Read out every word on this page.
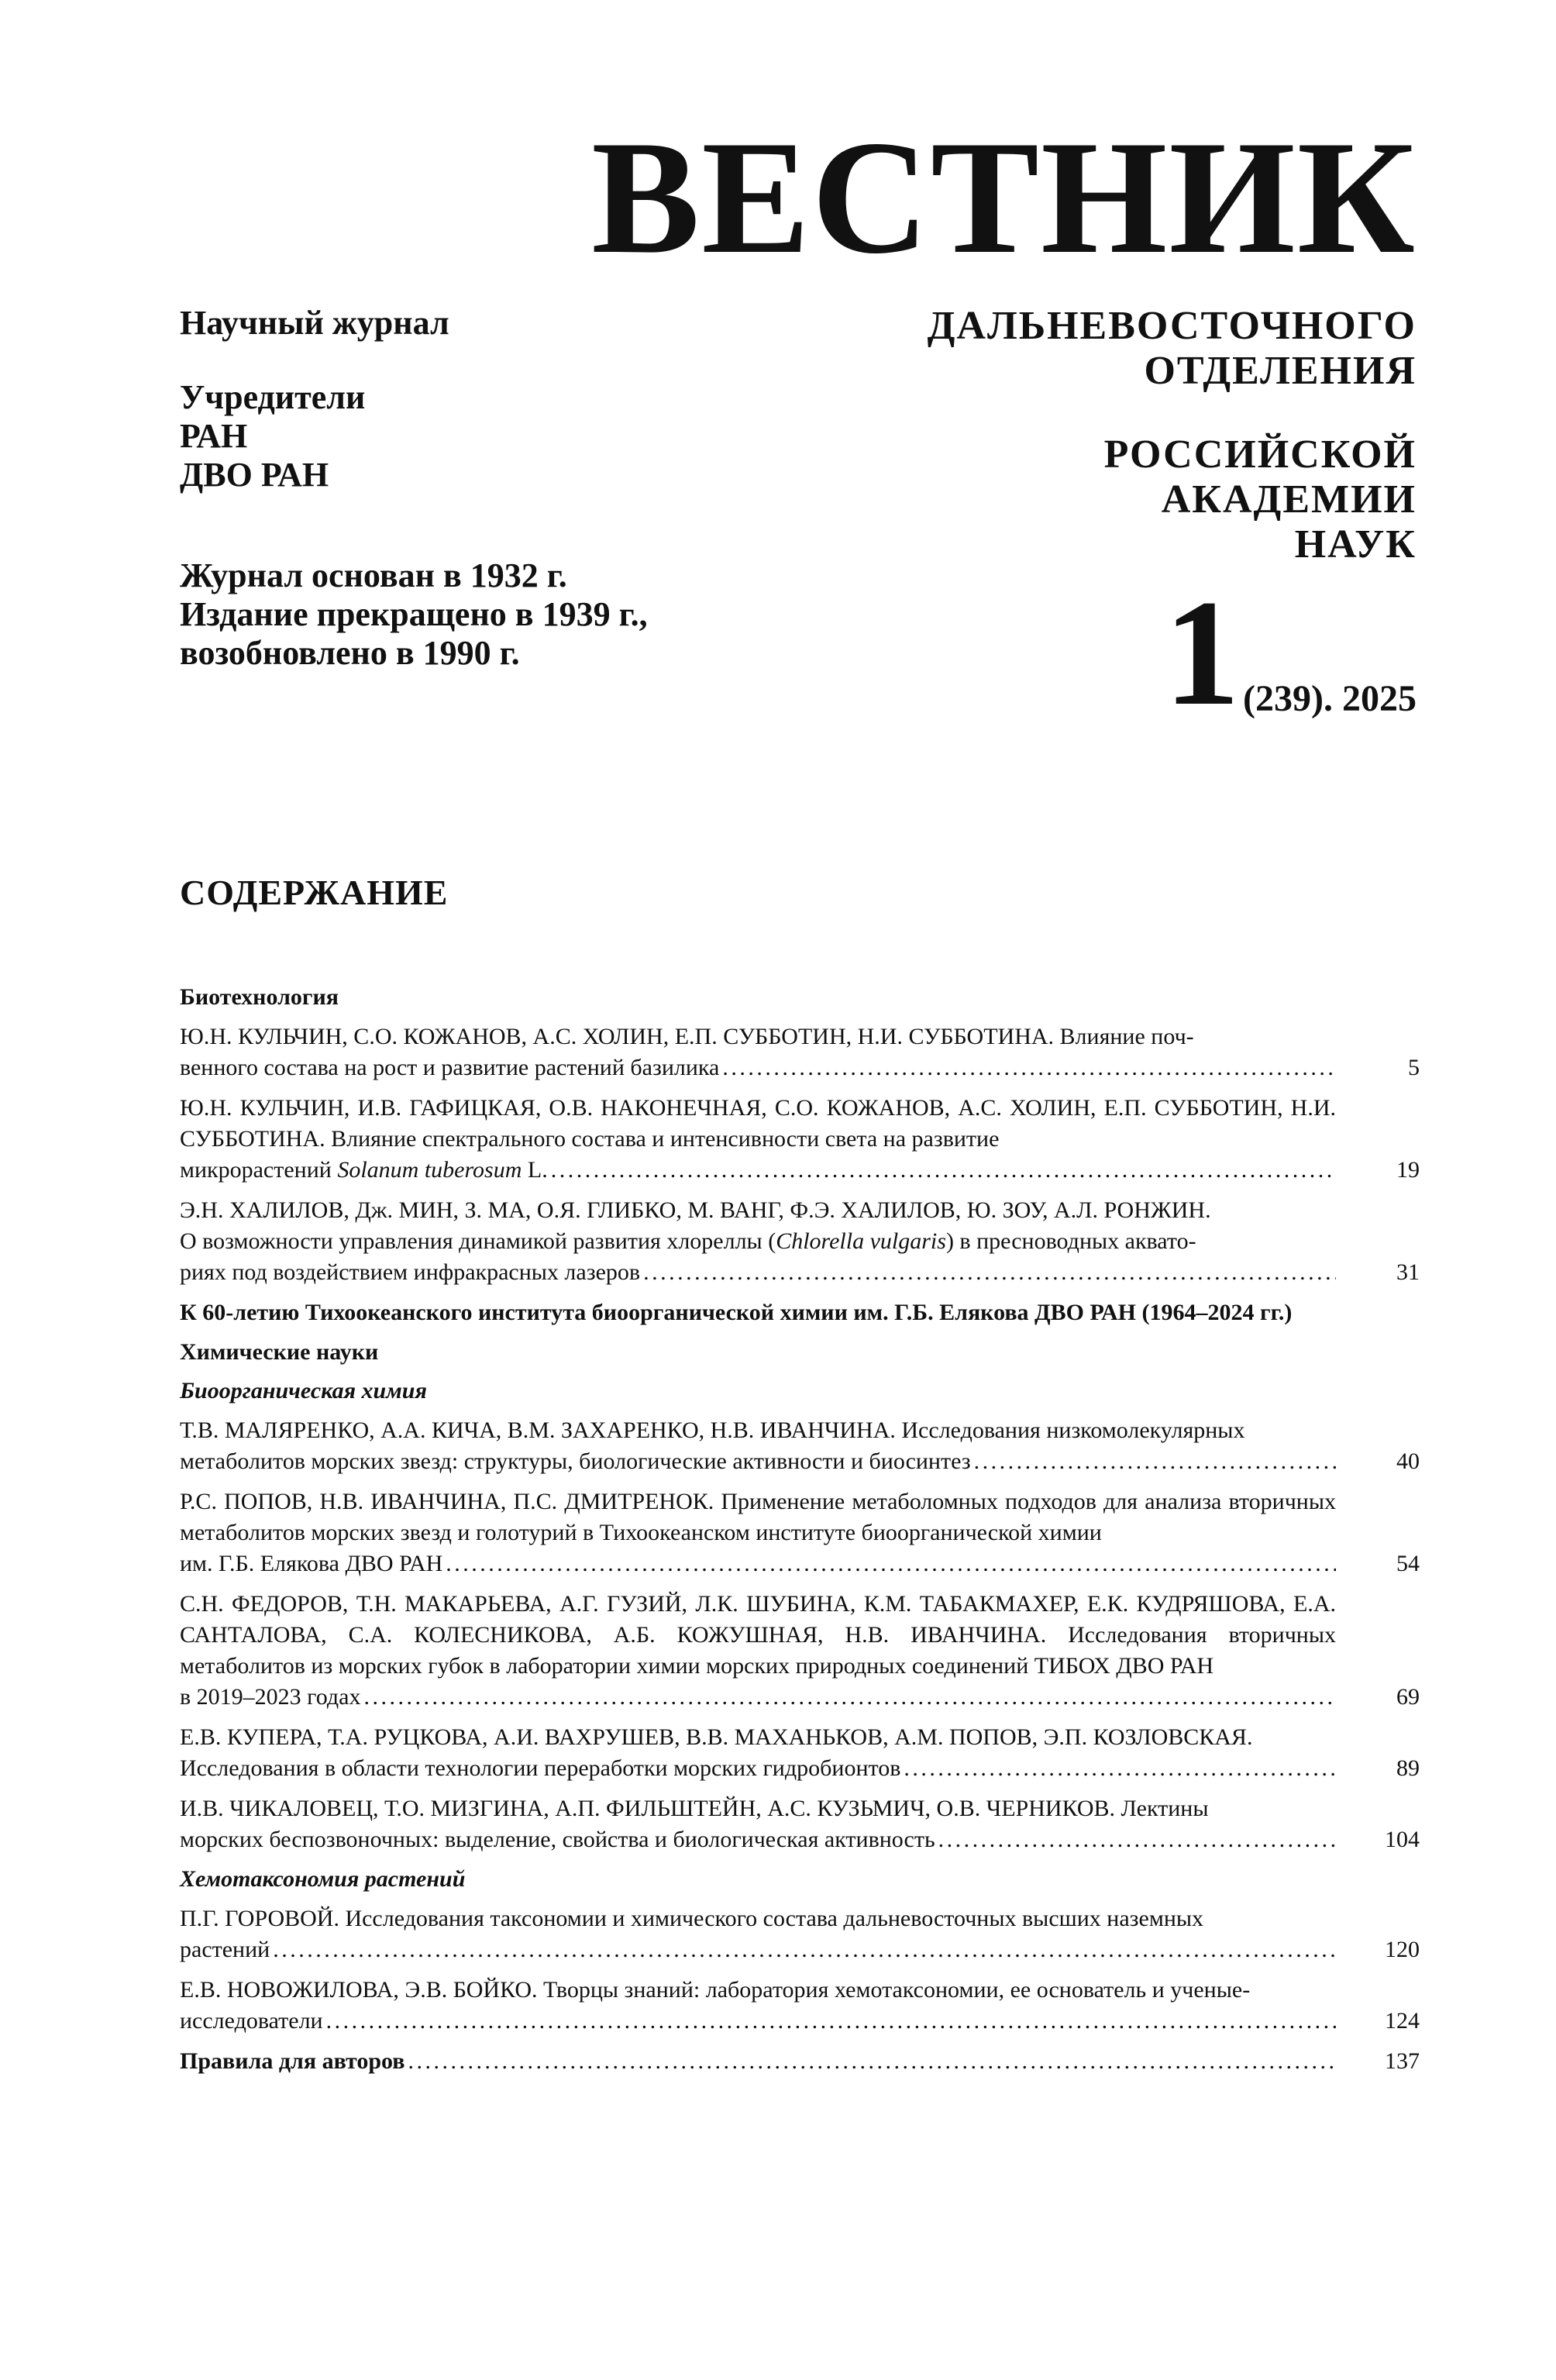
ВЕСТНИК
Научный журнал
Учредители
РАН
ДВО РАН
Журнал основан в 1932 г.
Издание прекращено в 1939 г.,
возобновлено в 1990 г.
ДАЛЬНЕВОСТОЧНОГО
ОТДЕЛЕНИЯ
РОССИЙСКОЙ
АКАДЕМИИ
НАУК
1(239). 2025
СОДЕРЖАНИЕ
Биотехнология
Ю.Н. КУЛЬЧИН, С.О. КОЖАНОВ, А.С. ХОЛИН, Е.П. СУББОТИН, Н.И. СУББОТИНА. Влияние поч-
венного состава на рост и развитие растений базилика . . .	5
Ю.Н. КУЛЬЧИН, И.В. ГАФИЦКАЯ, О.В. НАКОНЕЧНАЯ, С.О. КОЖАНОВ, А.С. ХОЛИН, Е.П. СУББОТИН, Н.И. СУББОТИНА. Влияние спектрального состава и интенсивности света на развитие
микрорастений Solanum tuberosum L. . . .	19
Э.Н. ХАЛИЛОВ, Дж. МИН, З. МА, О.Я. ГЛИБКО, М. ВАНГ, Ф.Э. ХАЛИЛОВ, Ю. ЗОУ, А.Л. РОНЖИН.
О возможности управления динамикой развития хлореллы (Chlorella vulgaris) в пресноводных аквато-
риях под воздействием инфракрасных лазеров . . .	31
К 60-летию Тихоокеанского института биоорганической химии им. Г.Б. Елякова ДВО РАН (1964–2024 гг.)
Химические науки
Биоорганическая химия
Т.В. МАЛЯРЕНКО, А.А. КИЧА, В.М. ЗАХАРЕНКО, Н.В. ИВАНЧИНА. Исследования низкомолекулярных
метаболитов морских звезд: структуры, биологические активности и биосинтез . . .	40
Р.С. ПОПОВ, Н.В. ИВАНЧИНА, П.С. ДМИТРЕНОК. Применение метаболомных подходов для анализа вторичных метаболитов морских звезд и голотурий в Тихоокеанском институте биоорганической химии
им. Г.Б. Елякова ДВО РАН . . .	54
С.Н. ФЕДОРОВ, Т.Н. МАКАРЬЕВА, А.Г. ГУЗИЙ, Л.К. ШУБИНА, К.М. ТАБАКМАХЕР, Е.К. КУДРЯШОВА, Е.А. САНТАЛОВА, С.А. КОЛЕСНИКОВА, А.Б. КОЖУШНАЯ, Н.В. ИВАНЧИНА. Исследования вторичных метаболитов из морских губок в лаборатории химии морских природных соединений ТИБОХ ДВО РАН
в 2019–2023 годах . . .	69
Е.В. КУПЕРА, Т.А. РУЦКОВА, А.И. ВАХРУШЕВ, В.В. МАХАНЬКОВ, А.М. ПОПОВ, Э.П. КОЗЛОВСКАЯ.
Исследования в области технологии переработки морских гидробионтов . . .	89
И.В. ЧИКАЛОВЕЦ, Т.О. МИЗГИНА, А.П. ФИЛЬШТЕЙН, А.С. КУЗЬМИЧ, О.В. ЧЕРНИКОВ. Лектины
морских беспозвоночных: выделение, свойства и биологическая активность . . .	104
Хемотаксономия растений
П.Г. ГОРОВОЙ. Исследования таксономии и химического состава дальневосточных высших наземных
растений . . .	120
Е.В. НОВОЖИЛОВА, Э.В. БОЙКО. Творцы знаний: лаборатория хемотаксономии, ее основатель и ученые-
исследователи . . .	124
Правила для авторов . . .	137
